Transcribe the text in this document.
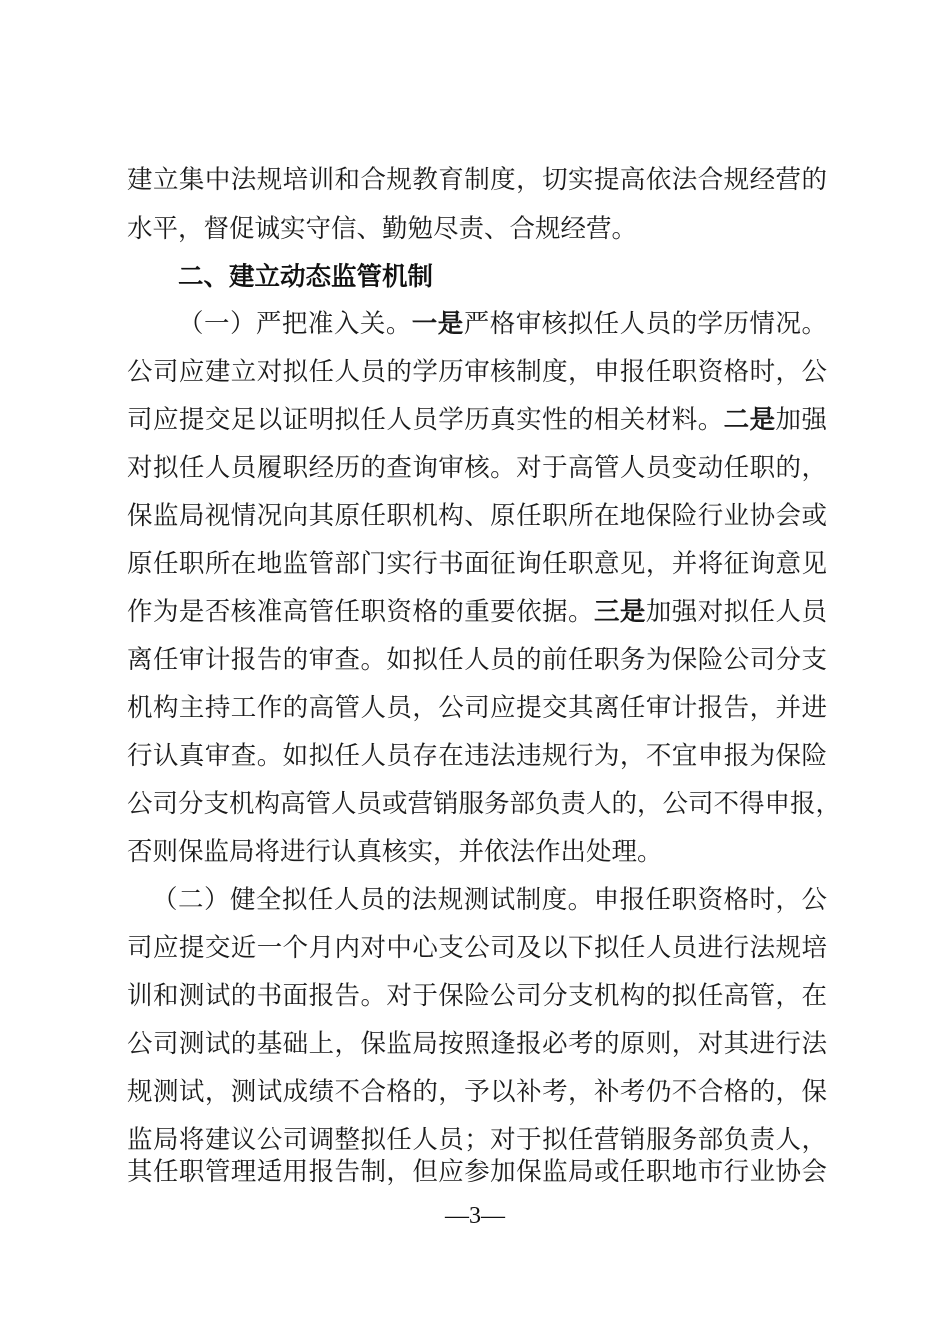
建立集中法规培训和合规教育制度，切实提高依法合规经营的
水平，督促诚实守信、勤勉尽责、合规经营。
二、建立动态监管机制
（一）严把准入关。一是严格审核拟任人员的学历情况。
公司应建立对拟任人员的学历审核制度，申报任职资格时，公
司应提交足以证明拟任人员学历真实性的相关材料。二是加强
对拟任人员履职经历的查询审核。对于高管人员变动任职的，
保监局视情况向其原任职机构、原任职所在地保险行业协会或
原任职所在地监管部门实行书面征询任职意见，并将征询意见
作为是否核准高管任职资格的重要依据。三是加强对拟任人员
离任审计报告的审查。如拟任人员的前任职务为保险公司分支
机构主持工作的高管人员，公司应提交其离任审计报告，并进
行认真审查。如拟任人员存在违法违规行为，不宜申报为保险
公司分支机构高管人员或营销服务部负责人的，公司不得申报，
否则保监局将进行认真核实，并依法作出处理。
（二）健全拟任人员的法规测试制度。申报任职资格时，公
司应提交近一个月内对中心支公司及以下拟任人员进行法规培
训和测试的书面报告。对于保险公司分支机构的拟任高管，在
公司测试的基础上，保监局按照逢报必考的原则，对其进行法
规测试，测试成绩不合格的，予以补考，补考仍不合格的，保
监局将建议公司调整拟任人员；对于拟任营销服务部负责人，
其任职管理适用报告制，但应参加保监局或任职地市行业协会
—3—
